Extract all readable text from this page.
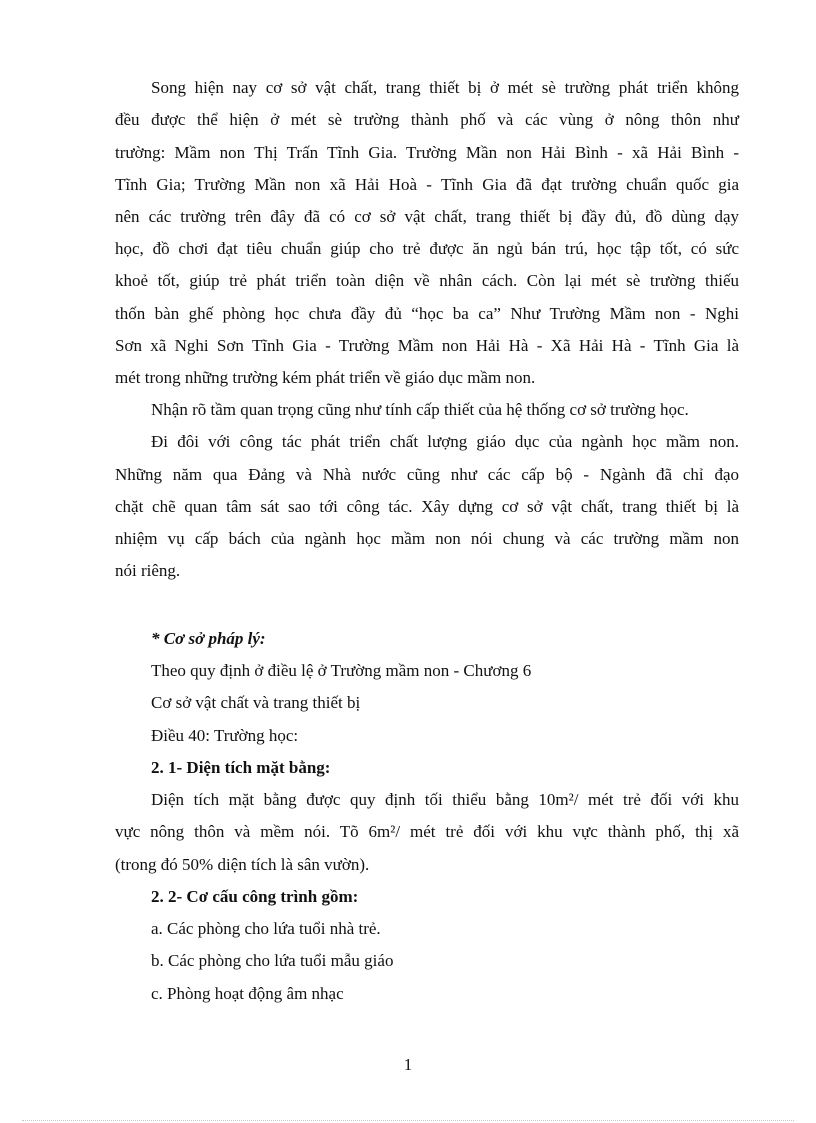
Song hiện nay cơ sở vật chất, trang thiết bị ở mét sè trường phát triển không
đều được thể hiện ở mét sè trường thành phố và các vùng ở nông thôn như
trường: Mầm non Thị Trấn Tĩnh Gia. Trường Mần non Hải Bình - xã Hải Bình -
Tĩnh Gia; Trường Mần non xã Hải Hoà - Tĩnh Gia đã đạt trường chuẩn quốc gia
nên các trường trên đây đã có cơ sở vật chất, trang thiết bị đầy đủ, đồ dùng dạy
học, đồ chơi đạt tiêu chuẩn giúp cho trẻ được ăn ngủ bán trú, học tập tốt, có sức
khoẻ tốt, giúp trẻ phát triển toàn diện về nhân cách. Còn lại mét sè trường thiếu
thốn bàn ghế phòng học chưa đầy đủ “học ba ca” Như Trường Mầm non - Nghi
Sơn xã Nghi Sơn Tĩnh Gia - Trường Mầm non Hải Hà - Xã Hải Hà - Tĩnh Gia là
mét trong những trường kém phát triển về giáo dục mầm non.
Nhận rõ tầm quan trọng cũng như tính cấp thiết của hệ thống cơ sở trường học.
Đi đôi với công tác phát triển chất lượng giáo dục của ngành học mầm non.
Những năm qua Đảng và Nhà nước cũng như các cấp bộ - Ngành đã chỉ đạo
chặt chẽ quan tâm sát sao tới công tác. Xây dựng cơ sở vật chất, trang thiết bị là
nhiệm vụ cấp bách của ngành học mầm non nói chung và các trường mầm non
nói riêng.
* Cơ sở pháp lý:
Theo quy định ở điều lệ ở Trường mầm non - Chương 6
Cơ sở vật chất và trang thiết bị
Điều 40: Trường học:
2. 1- Diện tích mặt bằng:
Diện tích mặt bằng được quy định tối thiểu bằng 10m²/ mét trẻ đối với khu
vực nông thôn và mềm nói. Tõ 6m²/ mét trẻ đối với khu vực thành phố, thị xã
(trong đó 50% diện tích là sân vườn).
2. 2- Cơ cấu công trình gồm:
a. Các phòng cho lứa tuổi nhà trẻ.
b. Các phòng cho lứa tuổi mẫu giáo
c. Phòng hoạt động âm nhạc
1
